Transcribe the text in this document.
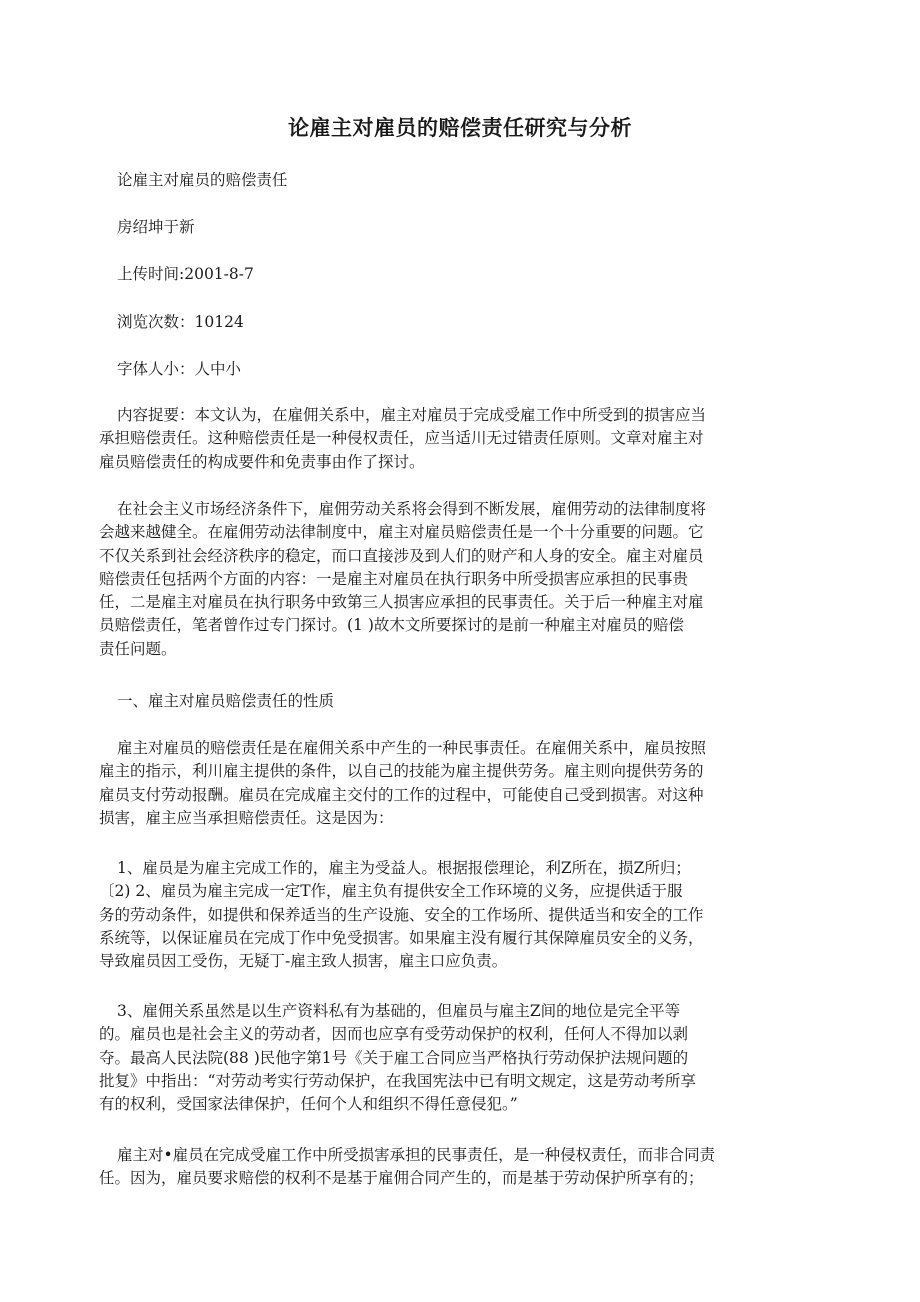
论雇主对雇员的赔偿责任研究与分析
论雇主对雇员的赔偿责任
房绍坤于新
上传时间:2001-8-7
浏览次数：10124
字体人小：人中小
内容捉要：本文认为，在雇佣关系中，雇主对雇员于完成受雇工作中所受到的损害应当
承担赔偿责任。这种赔偿责任是一种侵权责任，应当适川无过错责任原则。文章对雇主对
雇员赔偿责任的构成要件和免责事由作了探讨。
在社会主义市场经济条件下，雇佣劳动关系将会得到不断发展，雇佣劳动的法律制度将
会越来越健全。在雇佣劳动法律制度中，雇主对雇员赔偿责任是一个十分重要的问题。它
不仅关系到社会经济秩序的稳定，而口直接涉及到人们的财产和人身的安全。雇主对雇员
赔偿责任包括两个方面的内容：一是雇主对雇员在执行职务中所受损害应承担的民事贵
任，二是雇主对雇员在执行职务中致第三人损害应承担的民事责任。关于后一种雇主对雇
员赔偿责任，笔者曾作过专门探讨。(1 )故木文所要探讨的是前一种雇主对雇员的赔偿
责任问题。
一、雇主对雇员赔偿责任的性质
雇主对雇员的赔偿责任是在雇佣关系中产生的一种民事责任。在雇佣关系中，雇员按照
雇主的指示，利川雇主提供的条件，以自己的技能为雇主提供劳务。雇主则向提供劳务的
雇员支付劳动报酬。雇员在完成雇主交付的工作的过程中，可能使自己受到损害。对这种
损害，雇主应当承担赔偿责任。这是因为：
1、雇员是为雇主完成工作的，雇主为受益人。根据报偿理论，利Z所在，损Z所归；
〔2) 2、雇员为雇主完成一定T作，雇主负有提供安全工作环境的义务，应提供适于服
务的劳动条件，如提供和保养适当的生产设施、安全的工作场所、提供适当和安全的工作
系统等，以保证雇员在完成丁作中免受损害。如果雇主没有履行其保障雇员安全的义务，
导致雇员因工受伤，无疑丁-雇主致人损害，雇主口应负责。
3、雇佣关系虽然是以生产资料私有为基础的，但雇员与雇主Z间的地位是完全平等
的。雇员也是社会主义的劳动者，因而也应享有受劳动保护的权利，任何人不得加以剥
夺。最高人民法院(88 )民他字第1号《关于雇工合同应当严格执行劳动保护法规问题的
批复》中指出：“对劳动考实行劳动保护，在我国宪法中已有明文规定，这是劳动考所享
有的权利，受国家法律保护，任何个人和组织不得任意侵犯。”
雇主对•雇员在完成受雇工作中所受损害承担的民事责任，是一种侵权责任，而非合同责
任。因为，雇员要求赔偿的权利不是基于雇佣合同产生的，而是基于劳动保护所享有的；
